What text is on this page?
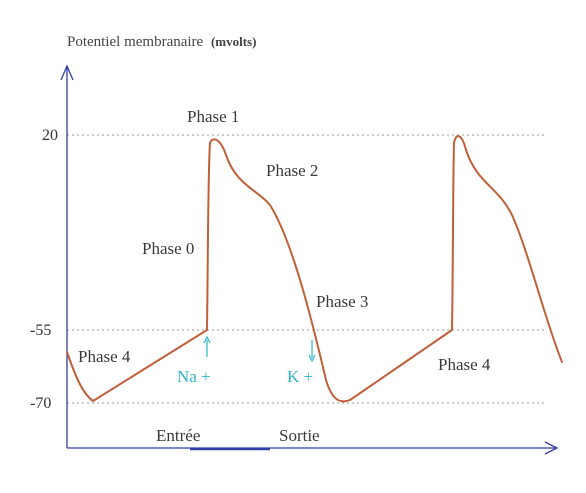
Potentiel membranaire (mvolts)
20
-55
-70
Phase 1
Phase 2
Phase 0
Phase 3
Phase 4	Phase 4
Na +	K +
Entrée	Sortie
